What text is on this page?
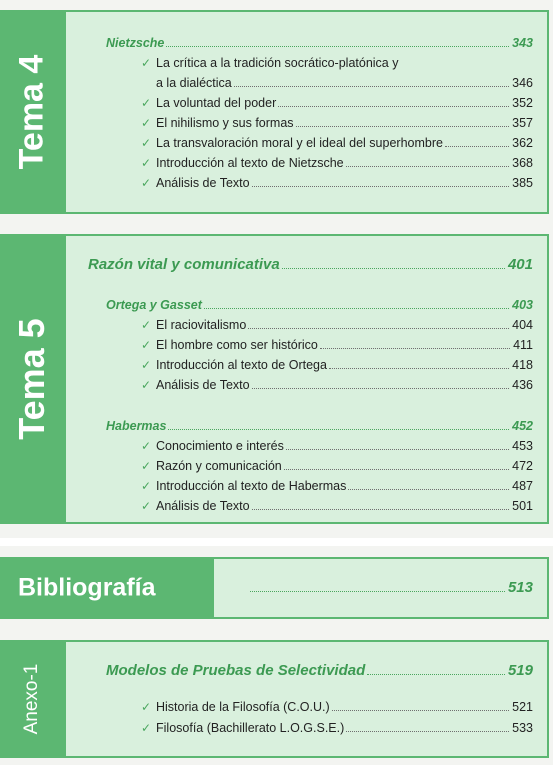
Tema 4
Nietzsche	343
✓ La crítica a la tradición socrático-platónica y
a la dialéctica	346
✓ La voluntad del poder	352
✓ El nihilismo y sus formas	357
✓ La transvaloración moral y el ideal del superhombre	362
✓ Introducción al texto de Nietzsche	368
✓ Análisis de Texto	385
Tema 5
Razón vital y comunicativa	401
Ortega y Gasset	403
✓ El raciovitalismo	404
✓ El hombre como ser histórico	411
✓ Introducción al texto de Ortega	418
✓ Análisis de Texto	436
Habermas	452
✓ Conocimiento e interés	453
✓ Razón y comunicación	472
✓ Introducción al texto de Habermas	487
✓ Análisis de Texto	501
Bibliografía	513
Anexo-1	Modelos de Pruebas de Selectividad	519
✓ Historia de la Filosofía (C.O.U.)	521
✓ Filosofía (Bachillerato L.O.G.S.E.)	533
